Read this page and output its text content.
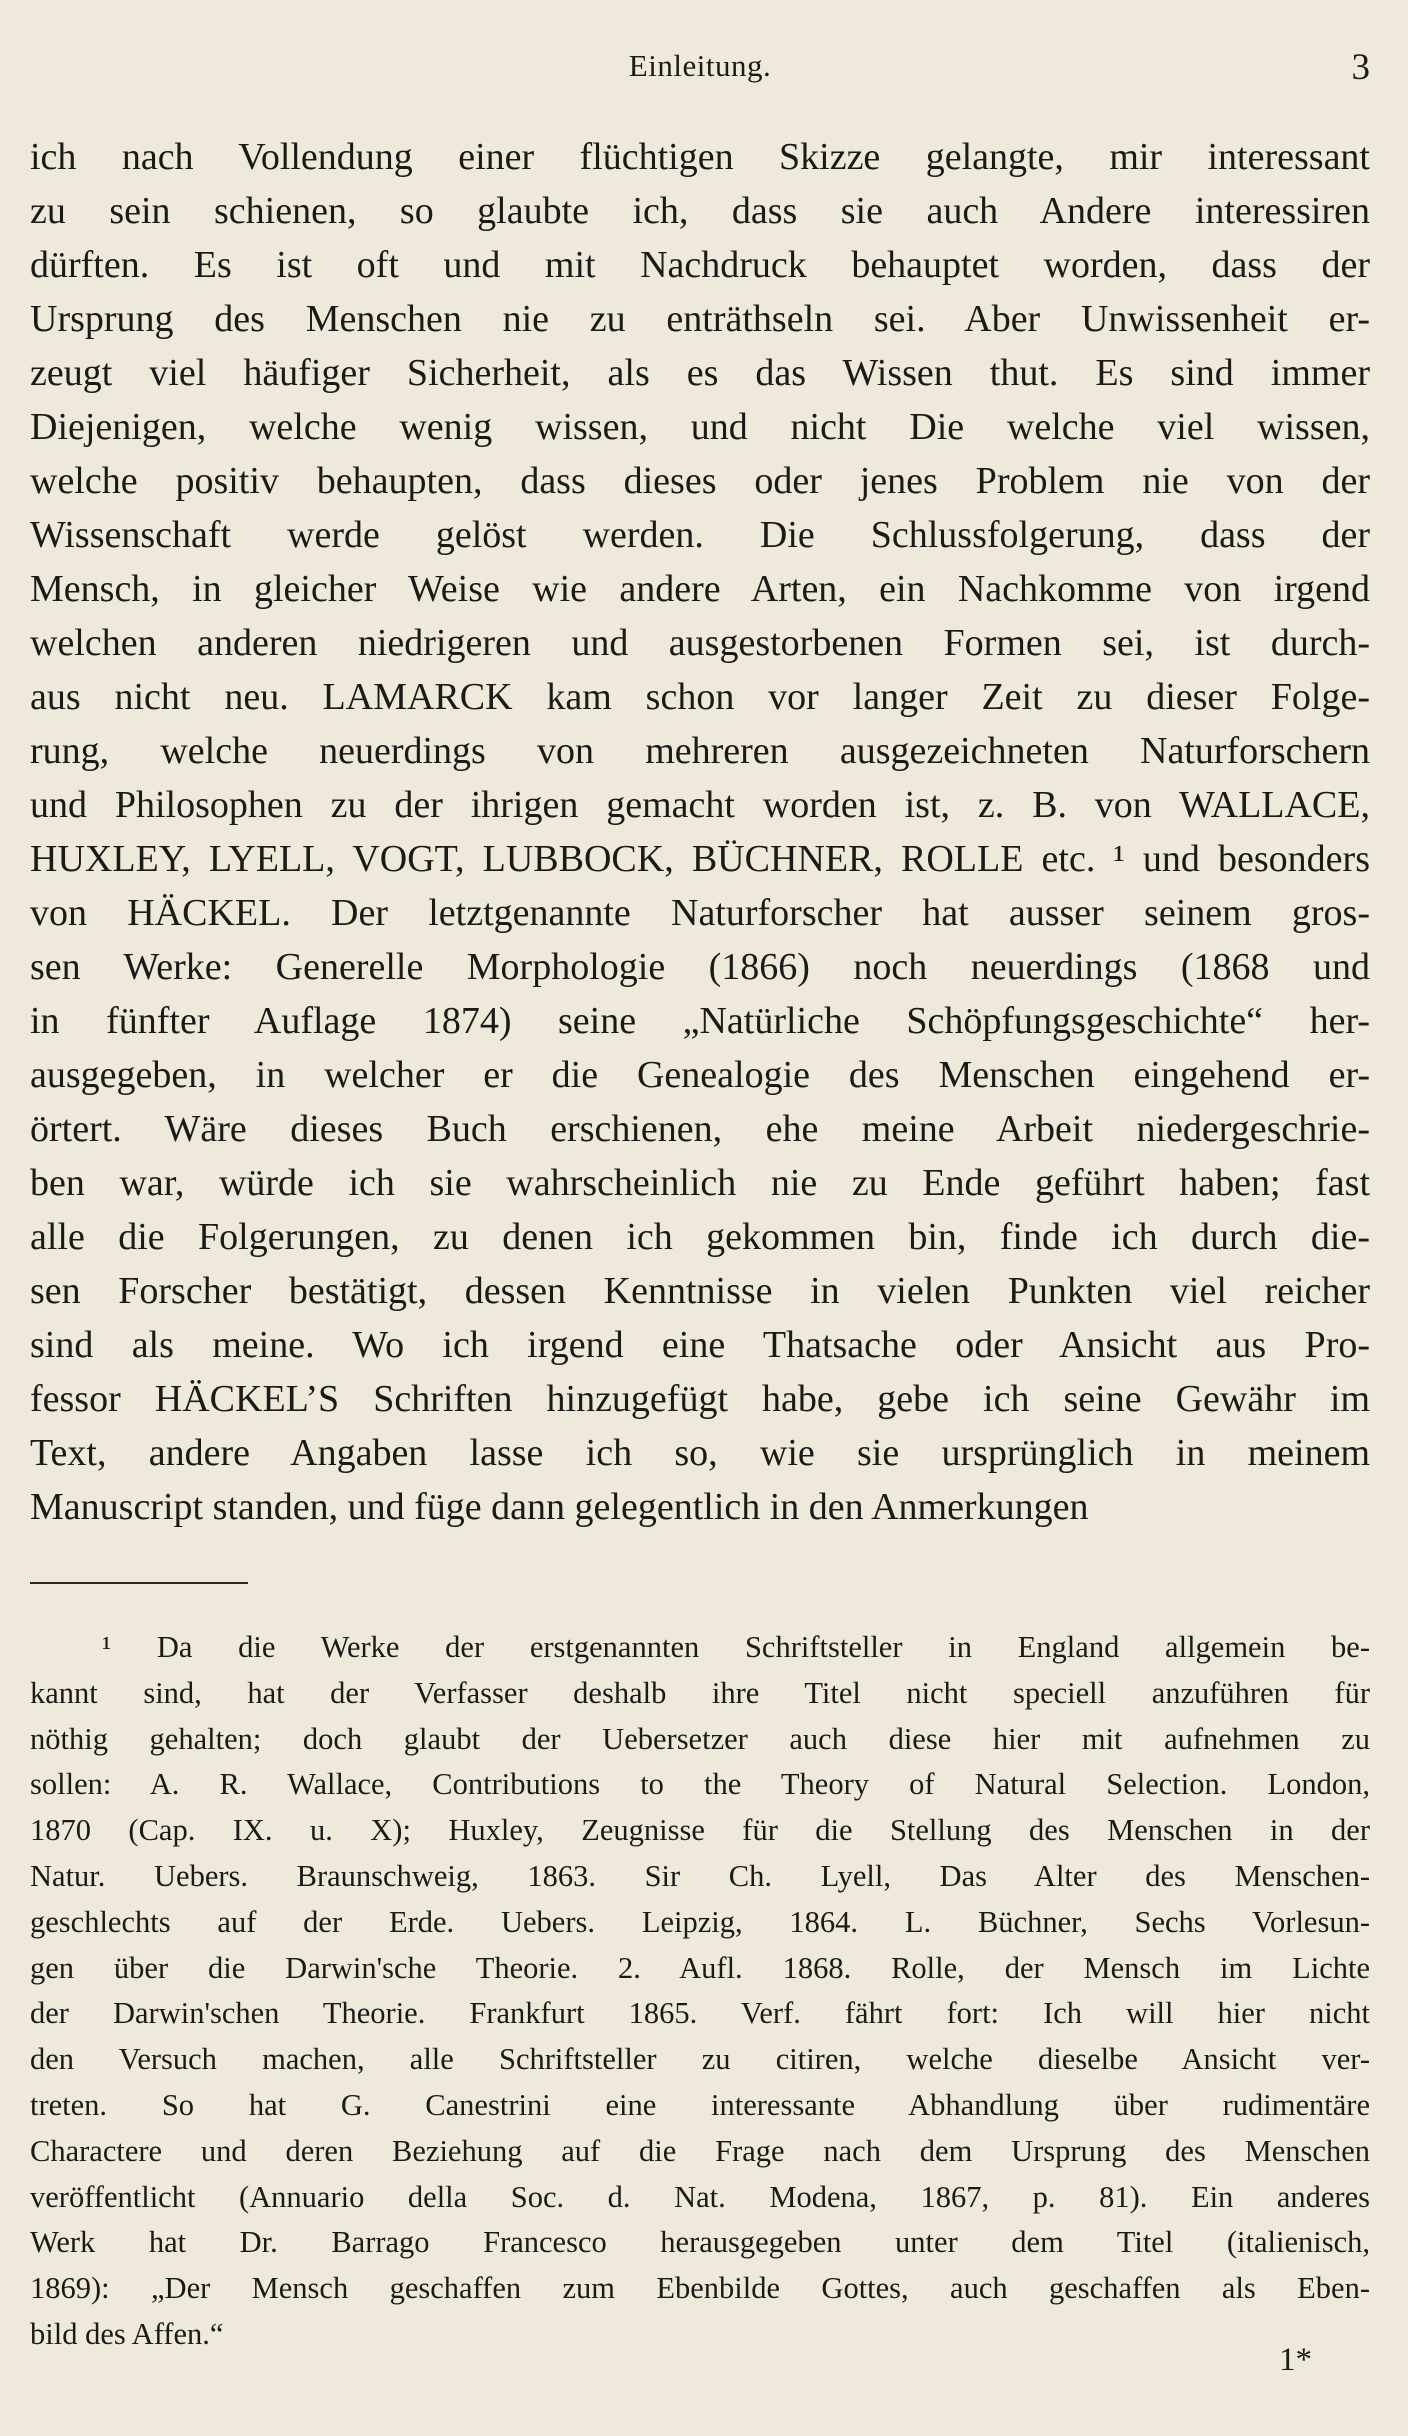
Einleitung.	3
ich nach Vollendung einer flüchtigen Skizze gelangte, mir interessant
zu sein schienen, so glaubte ich, dass sie auch Andere interessiren
dürften. Es ist oft und mit Nachdruck behauptet worden, dass der
Ursprung des Menschen nie zu enträthseln sei. Aber Unwissenheit er-
zeugt viel häufiger Sicherheit, als es das Wissen thut. Es sind immer
Diejenigen, welche wenig wissen, und nicht Die welche viel wissen,
welche positiv behaupten, dass dieses oder jenes Problem nie von der
Wissenschaft werde gelöst werden. Die Schlussfolgerung, dass der
Mensch, in gleicher Weise wie andere Arten, ein Nachkomme von irgend
welchen anderen niedrigeren und ausgestorbenen Formen sei, ist durch-
aus nicht neu. LAMARCK kam schon vor langer Zeit zu dieser Folge-
rung, welche neuerdings von mehreren ausgezeichneten Naturforschern
und Philosophen zu der ihrigen gemacht worden ist, z. B. von WALLACE,
HUXLEY, LYELL, VOGT, LUBBOCK, BÜCHNER, ROLLE etc. ¹ und besonders
von HÄCKEL. Der letztgenannte Naturforscher hat ausser seinem gros-
sen Werke: Generelle Morphologie (1866) noch neuerdings (1868 und
in fünfter Auflage 1874) seine „Natürliche Schöpfungsgeschichte“ her-
ausgegeben, in welcher er die Genealogie des Menschen eingehend er-
örtert. Wäre dieses Buch erschienen, ehe meine Arbeit niedergeschrie-
ben war, würde ich sie wahrscheinlich nie zu Ende geführt haben; fast
alle die Folgerungen, zu denen ich gekommen bin, finde ich durch die-
sen Forscher bestätigt, dessen Kenntnisse in vielen Punkten viel reicher
sind als meine. Wo ich irgend eine Thatsache oder Ansicht aus Pro-
fessor HÄCKEL’S Schriften hinzugefügt habe, gebe ich seine Gewähr im
Text, andere Angaben lasse ich so, wie sie ursprünglich in meinem
Manuscript standen, und füge dann gelegentlich in den Anmerkungen
¹ Da die Werke der erstgenannten Schriftsteller in England allgemein be-
kannt sind, hat der Verfasser deshalb ihre Titel nicht speciell anzuführen für
nöthig gehalten; doch glaubt der Uebersetzer auch diese hier mit aufnehmen zu
sollen: A. R. Wallace, Contributions to the Theory of Natural Selection. London,
1870 (Cap. IX. u. X); Huxley, Zeugnisse für die Stellung des Menschen in der
Natur. Uebers. Braunschweig, 1863. Sir Ch. Lyell, Das Alter des Menschen-
geschlechts auf der Erde. Uebers. Leipzig, 1864. L. Büchner, Sechs Vorlesun-
gen über die Darwin'sche Theorie. 2. Aufl. 1868. Rolle, der Mensch im Lichte
der Darwin'schen Theorie. Frankfurt 1865. Verf. fährt fort: Ich will hier nicht
den Versuch machen, alle Schriftsteller zu citiren, welche dieselbe Ansicht ver-
treten. So hat G. Canestrini eine interessante Abhandlung über rudimentäre
Charactere und deren Beziehung auf die Frage nach dem Ursprung des Menschen
veröffentlicht (Annuario della Soc. d. Nat. Modena, 1867, p. 81). Ein anderes
Werk hat Dr. Barrago Francesco herausgegeben unter dem Titel (italienisch,
1869): „Der Mensch geschaffen zum Ebenbilde Gottes, auch geschaffen als Eben-
bild des Affen.“
1*
